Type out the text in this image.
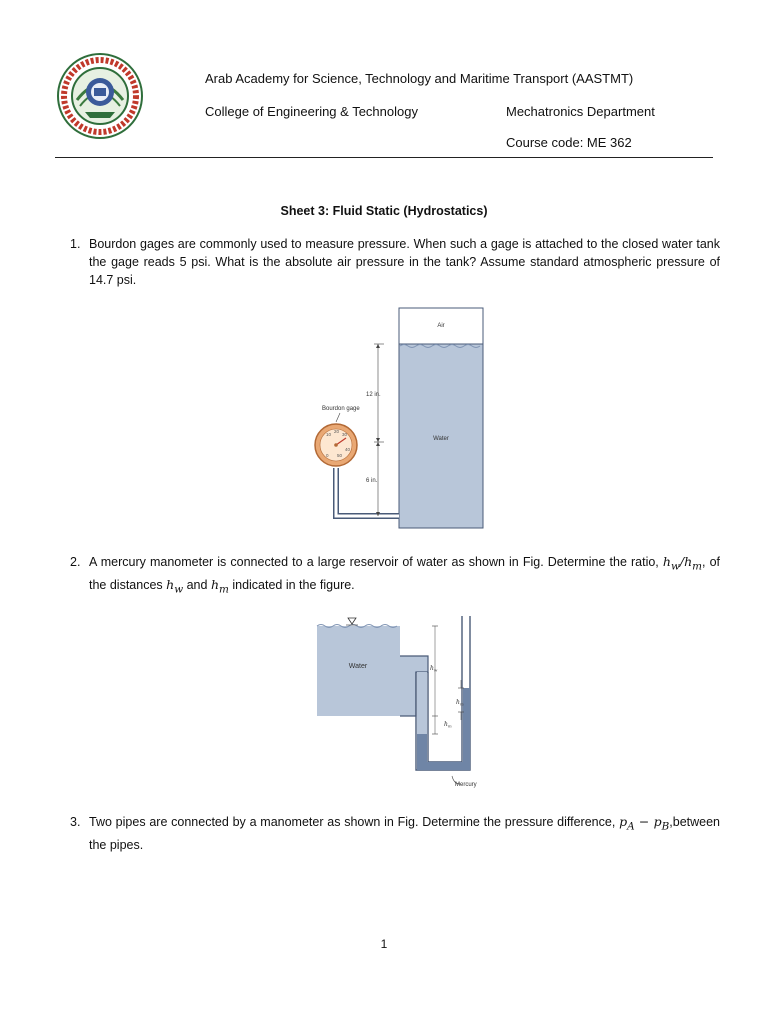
Arab Academy for Science, Technology and Maritime Transport (AASTMT)
College of Engineering & Technology	Mechatronics Department
Course code: ME 362
Sheet 3: Fluid Static (Hydrostatics)
1. Bourdon gages are commonly used to measure pressure. When such a gage is attached to the closed water tank the gage reads 5 psi. What is the absolute air pressure in the tank? Assume standard atmospheric pressure of 14.7 psi.
Air
Water
12 in.
6 in.
Bourdon gage
10
20
30
40
0 50
2. A mercury manometer is connected to a large reservoir of water as shown in Fig. Determine the ratio, $h_w/h_m$, of the distances $h_w$ and $h_m$ indicated in the figure.
Water	$h_w$
$h_m$
$h_m$
Mercury
3. Two pipes are connected by a manometer as shown in Fig. Determine the pressure difference, $p_A$ − $p_B,between$ the pipes.
1
